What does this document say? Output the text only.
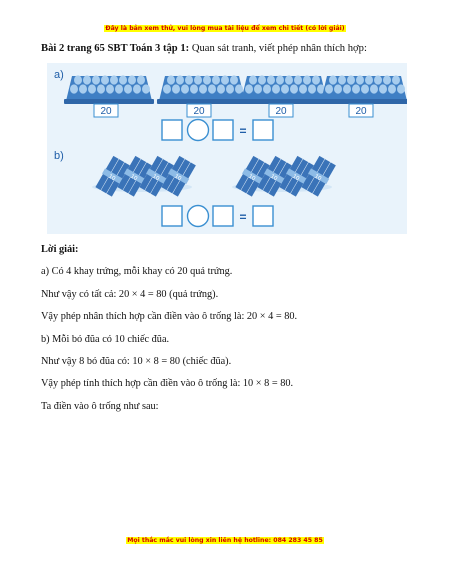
Đây là bản xem thử, vui lòng mua tài liệu để xem chi tiết (có lời giải)
Bài 2 trang 65 SBT Toán 3 tập 1: Quan sát tranh, viết phép nhân thích hợp:
a)
20	20	20	20
=
b)
10 10 10 10	10 10 10 10
=
Lời giải:
a) Có 4 khay trứng, mỗi khay có 20 quả trứng.
Như vậy có tất cả: 20 × 4 = 80 (quả trứng).
Vậy phép nhân thích hợp cần điền vào ô trống là: 20 × 4 = 80.
b) Mỗi bó đũa có 10 chiếc đũa.
Như vậy 8 bó đũa có: 10 × 8 = 80 (chiếc đũa).
Vậy phép tính thích hợp cần điền vào ô trống là: 10 × 8 = 80.
Ta điền vào ô trống như sau:
Mọi thắc mắc vui lòng xin liên hệ hotline: 084 283 45 85
